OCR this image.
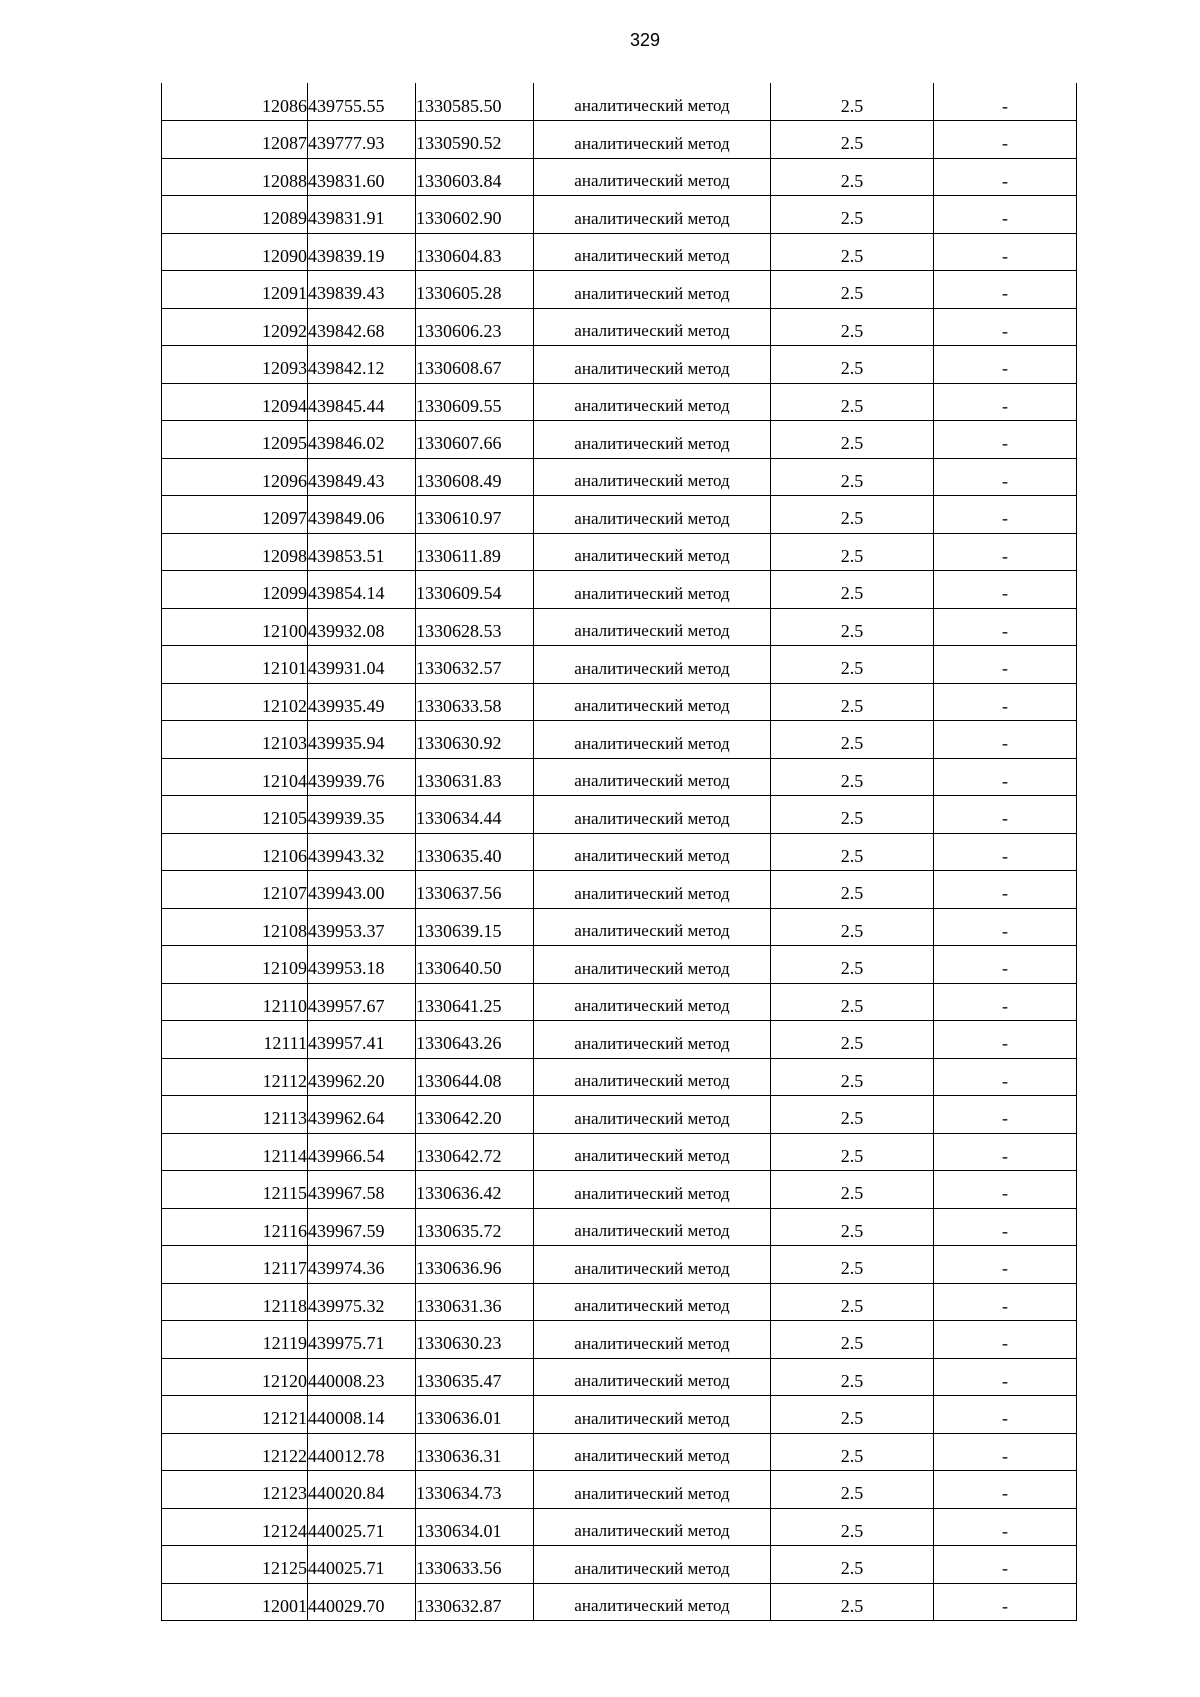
329
12086	439755.55	1330585.50	аналитический метод	2.5	-
12087	439777.93	1330590.52	аналитический метод	2.5	-
12088	439831.60	1330603.84	аналитический метод	2.5	-
12089	439831.91	1330602.90	аналитический метод	2.5	-
12090	439839.19	1330604.83	аналитический метод	2.5	-
12091	439839.43	1330605.28	аналитический метод	2.5	-
12092	439842.68	1330606.23	аналитический метод	2.5	-
12093	439842.12	1330608.67	аналитический метод	2.5	-
12094	439845.44	1330609.55	аналитический метод	2.5	-
12095	439846.02	1330607.66	аналитический метод	2.5	-
12096	439849.43	1330608.49	аналитический метод	2.5	-
12097	439849.06	1330610.97	аналитический метод	2.5	-
12098	439853.51	1330611.89	аналитический метод	2.5	-
12099	439854.14	1330609.54	аналитический метод	2.5	-
12100	439932.08	1330628.53	аналитический метод	2.5	-
12101	439931.04	1330632.57	аналитический метод	2.5	-
12102	439935.49	1330633.58	аналитический метод	2.5	-
12103	439935.94	1330630.92	аналитический метод	2.5	-
12104	439939.76	1330631.83	аналитический метод	2.5	-
12105	439939.35	1330634.44	аналитический метод	2.5	-
12106	439943.32	1330635.40	аналитический метод	2.5	-
12107	439943.00	1330637.56	аналитический метод	2.5	-
12108	439953.37	1330639.15	аналитический метод	2.5	-
12109	439953.18	1330640.50	аналитический метод	2.5	-
12110	439957.67	1330641.25	аналитический метод	2.5	-
12111	439957.41	1330643.26	аналитический метод	2.5	-
12112	439962.20	1330644.08	аналитический метод	2.5	-
12113	439962.64	1330642.20	аналитический метод	2.5	-
12114	439966.54	1330642.72	аналитический метод	2.5	-
12115	439967.58	1330636.42	аналитический метод	2.5	-
12116	439967.59	1330635.72	аналитический метод	2.5	-
12117	439974.36	1330636.96	аналитический метод	2.5	-
12118	439975.32	1330631.36	аналитический метод	2.5	-
12119	439975.71	1330630.23	аналитический метод	2.5	-
12120	440008.23	1330635.47	аналитический метод	2.5	-
12121	440008.14	1330636.01	аналитический метод	2.5	-
12122	440012.78	1330636.31	аналитический метод	2.5	-
12123	440020.84	1330634.73	аналитический метод	2.5	-
12124	440025.71	1330634.01	аналитический метод	2.5	-
12125	440025.71	1330633.56	аналитический метод	2.5	-
12001	440029.70	1330632.87	аналитический метод	2.5	-
